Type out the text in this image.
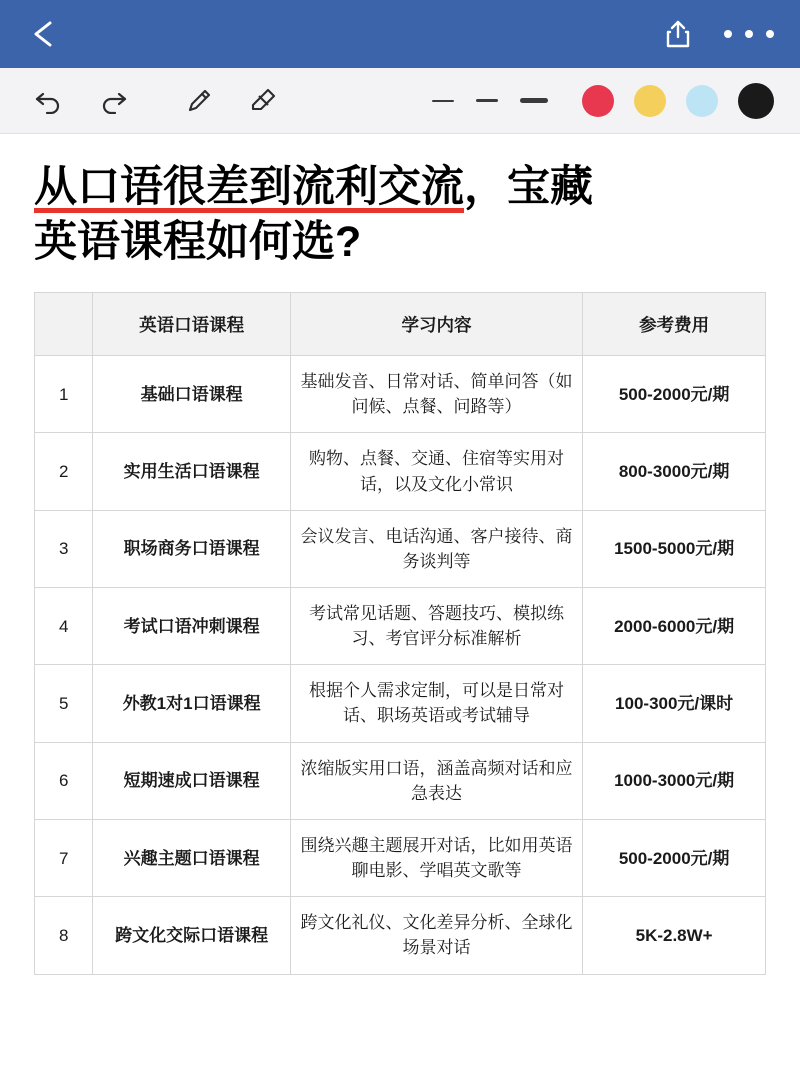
从口语很差到流利交流，宝藏
英语课程如何选?
	英语口语课程	学习内容	参考费用
1	基础口语课程	基础发音、日常对话、简单问答（如问候、点餐、问路等）	500-2000元/期
2	实用生活口语课程	购物、点餐、交通、住宿等实用对话，以及文化小常识	800-3000元/期
3	职场商务口语课程	会议发言、电话沟通、客户接待、商务谈判等	1500-5000元/期
4	考试口语冲刺课程	考试常见话题、答题技巧、模拟练习、考官评分标准解析	2000-6000元/期
5	外教1对1口语课程	根据个人需求定制，可以是日常对话、职场英语或考试辅导	100-300元/课时
6	短期速成口语课程	浓缩版实用口语，涵盖高频对话和应急表达	1000-3000元/期
7	兴趣主题口语课程	围绕兴趣主题展开对话，比如用英语聊电影、学唱英文歌等	500-2000元/期
8	跨文化交际口语课程	跨文化礼仪、文化差异分析、全球化场景对话	5K-2.8W+
